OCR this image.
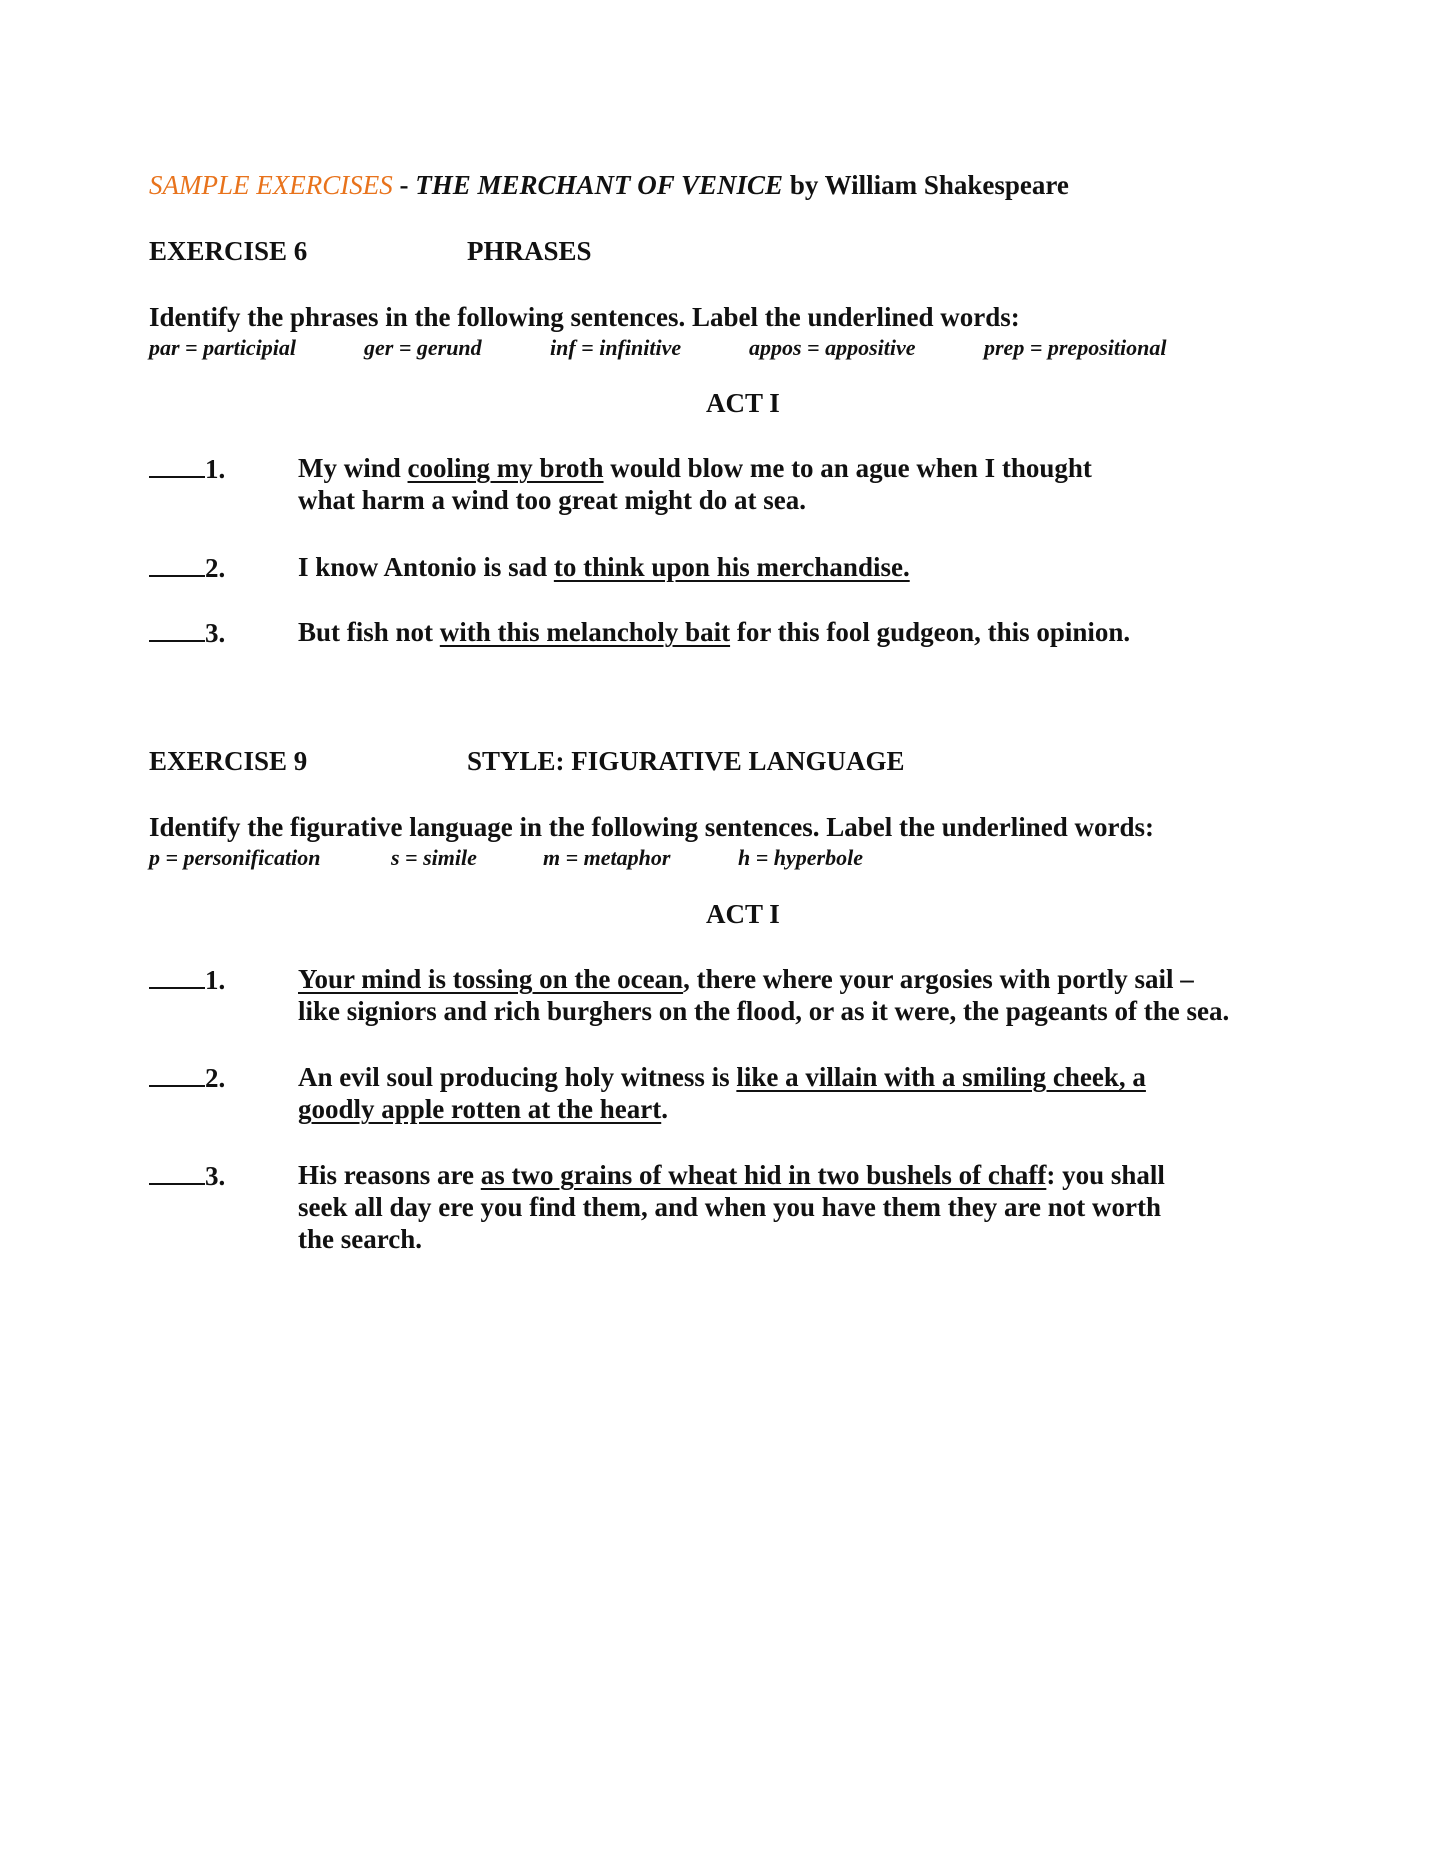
SAMPLE EXERCISES - THE MERCHANT OF VENICE by William Shakespeare
EXERCISE 6	PHRASES
Identify the phrases in the following sentences. Label the underlined words:
par = participial	ger = gerund	inf = infinitive	appos = appositive	prep = prepositional
ACT I
1.	My wind cooling my broth would blow me to an ague when I thought
what harm a wind too great might do at sea.
2.	I know Antonio is sad to think upon his merchandise.
3.	But fish not with this melancholy bait for this fool gudgeon, this opinion.
EXERCISE 9	STYLE: FIGURATIVE LANGUAGE
Identify the figurative language in the following sentences. Label the underlined words:
p = personification	s = simile	m = metaphor	h = hyperbole
ACT I
1.	Your mind is tossing on the ocean, there where your argosies with portly sail –
like signiors and rich burghers on the flood, or as it were, the pageants of the sea.
2.	An evil soul producing holy witness is like a villain with a smiling cheek, a
goodly apple rotten at the heart.
3.	His reasons are as two grains of wheat hid in two bushels of chaff: you shall
seek all day ere you find them, and when you have them they are not worth
the search.
